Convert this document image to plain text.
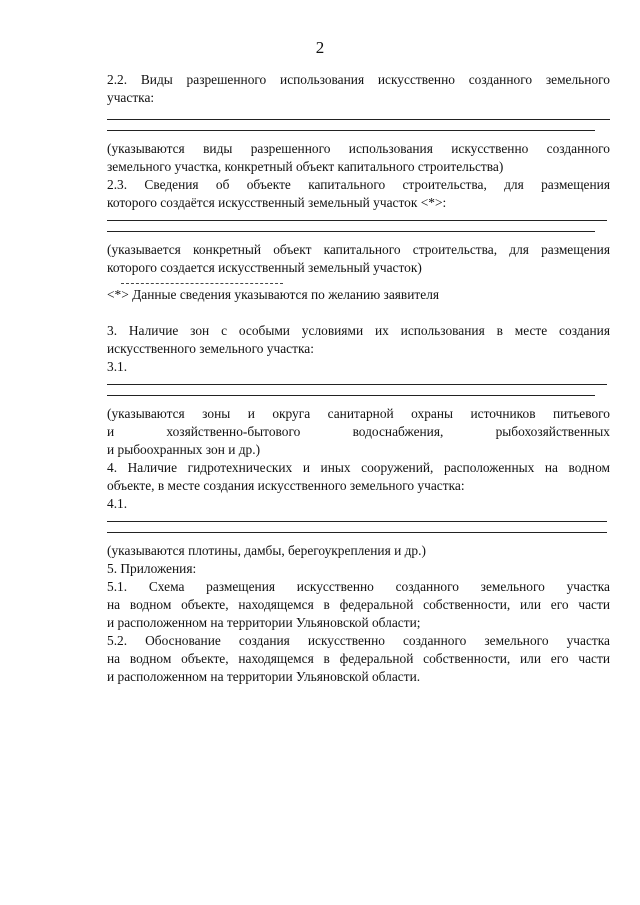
2

2.2. Виды разрешенного использования искусственно созданного земельного

участка:

(указываются виды разрешенного использования искусственно созданного

земельного участка, конкретный объект капитального строительства)

2.3. Сведения об объекте капитального строительства, для размещения

которого создаётся искусственный земельный участок <*>:

(указывается конкретный объект капитального строительства, для размещения

которого создается искусственный земельный участок)

<*> Данные сведения указываются по желанию заявителя

3. Наличие зон с особыми условиями их использования в месте создания

искусственного земельного участка:

3.1.

(указываются зоны и округа санитарной охраны источников питьевого

и	хозяйственно-бытового	водоснабжения,	рыбохозяйственных

и рыбоохранных зон и др.)

4. Наличие гидротехнических и иных сооружений, расположенных на водном

объекте, в месте создания искусственного земельного участка:

4.1.

(указываются плотины, дамбы, берегоукрепления и др.)

5. Приложения:

5.1. Схема размещения искусственно созданного земельного участка

на водном объекте, находящемся в федеральной собственности, или его части

и расположенном на территории Ульяновской области;

5.2. Обоснование создания искусственно созданного земельного участка

на водном объекте, находящемся в федеральной собственности, или его части

и расположенном на территории Ульяновской области.
